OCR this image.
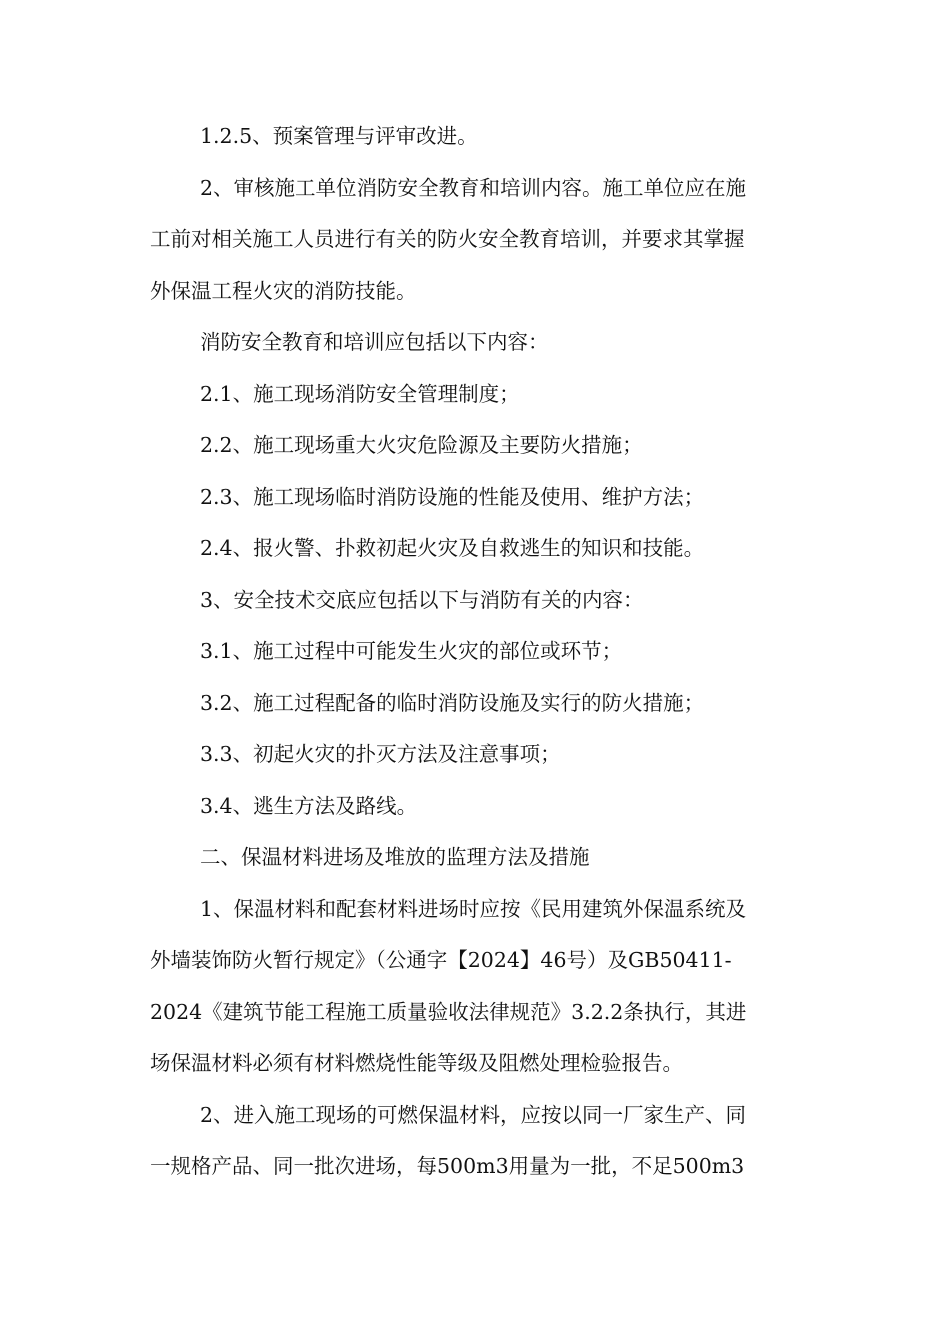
1.2.5、预案管理与评审改进。
2、审核施工单位消防安全教育和培训内容。施工单位应在施
工前对相关施工人员进行有关的防火安全教育培训，并要求其掌握
外保温工程火灾的消防技能。
消防安全教育和培训应包括以下内容：
2.1、施工现场消防安全管理制度；
2.2、施工现场重大火灾危险源及主要防火措施；
2.3、施工现场临时消防设施的性能及使用、维护方法；
2.4、报火警、扑救初起火灾及自救逃生的知识和技能。
3、安全技术交底应包括以下与消防有关的内容：
3.1、施工过程中可能发生火灾的部位或环节；
3.2、施工过程配备的临时消防设施及实行的防火措施；
3.3、初起火灾的扑灭方法及注意事项；
3.4、逃生方法及路线。
二、保温材料进场及堆放的监理方法及措施
1、保温材料和配套材料进场时应按《民用建筑外保温系统及
外墙装饰防火暂行规定》（公通字【2024】46号）及GB50411-
2024《建筑节能工程施工质量验收法律规范》3.2.2条执行，其进
场保温材料必须有材料燃烧性能等级及阻燃处理检验报告。
2、进入施工现场的可燃保温材料，应按以同一厂家生产、同
一规格产品、同一批次进场，每500m3用量为一批，不足500m3
